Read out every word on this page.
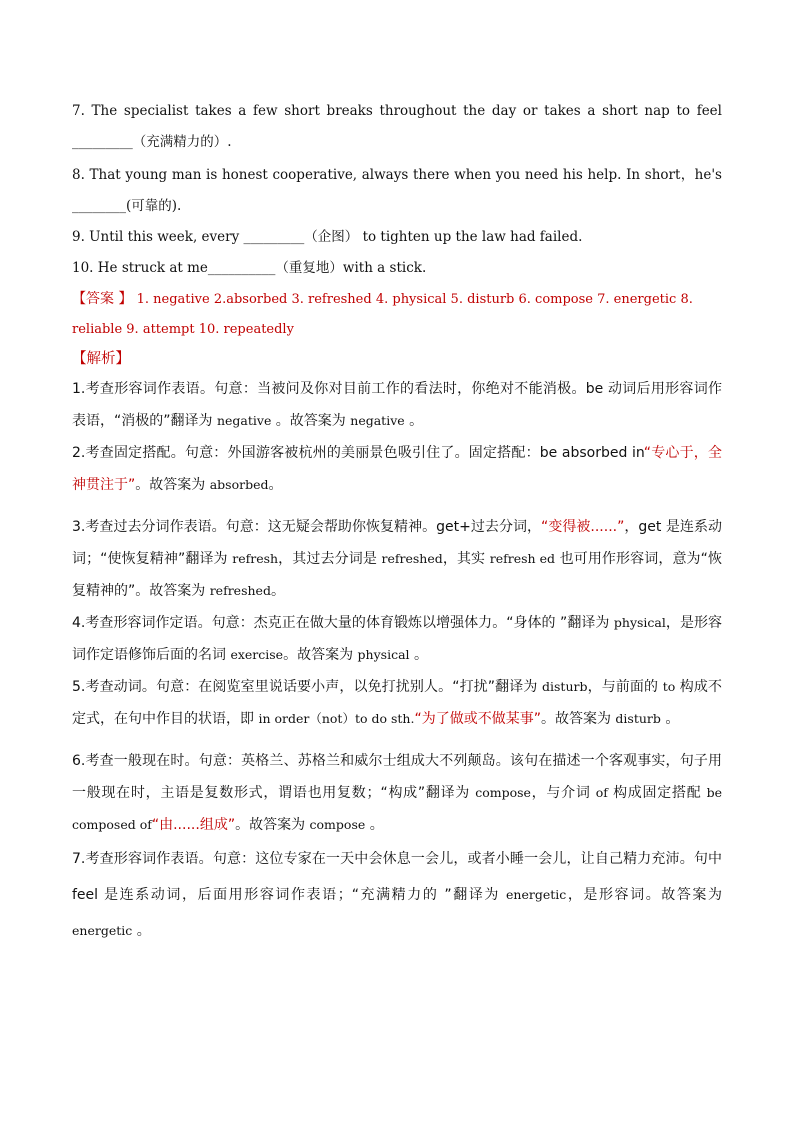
7. The specialist takes a few short breaks throughout the day or takes a short nap to feel _________（充满精力的）.
8. That young man is honest cooperative, always there when you need his help. In short，he's ________(可靠的).
9. Until this week, every _________（企图） to tighten up the law had failed.
10. He struck at me__________（重复地）with a stick.
【答案 】 1. negative 2.absorbed 3. refreshed 4. physical 5. disturb 6. compose 7. energetic 8. reliable 9. attempt 10. repeatedly
【解析】

1.考查形容词作表语。句意：当被问及你对目前工作的看法时，你绝对不能消极。be 动词后用形容词作表语，“消极的”翻译为 negative 。故答案为 negative 。

2.考查固定搭配。句意：外国游客被杭州的美丽景色吸引住了。固定搭配：be absorbed in“专心于，全神贯注于”。故答案为 absorbed。

3.考查过去分词作表语。句意：这无疑会帮助你恢复精神。get+过去分词，“变得被......”，get 是连系动词；“使恢复精神”翻译为 refresh，其过去分词是 refreshed，其实 refresh ed 也可用作形容词，意为“恢复精神的”。故答案为 refreshed。

4.考查形容词作定语。句意：杰克正在做大量的体育锻炼以增强体力。“身体的 ”翻译为 physical，是形容词作定语修饰后面的名词 exercise。故答案为 physical 。

5.考查动词。句意：在阅览室里说话要小声，以免打扰别人。“打扰”翻译为 disturb，与前面的 to 构成不定式，在句中作目的状语，即 in order（not）to do sth.“为了做或不做某事”。故答案为 disturb 。

6.考查一般现在时。句意：英格兰、苏格兰和威尔士组成大不列颠岛。该句在描述一个客观事实，句子用一般现在时，主语是复数形式，谓语也用复数；“构成”翻译为 compose，与介词 of 构成固定搭配 be composed of“由......组成”。故答案为 compose 。

7.考查形容词作表语。句意：这位专家在一天中会休息一会儿，或者小睡一会儿，让自己精力充沛。句中 feel 是连系动词，后面用形容词作表语；“充满精力的 ”翻译为 energetic，是形容词。故答案为 energetic 。
